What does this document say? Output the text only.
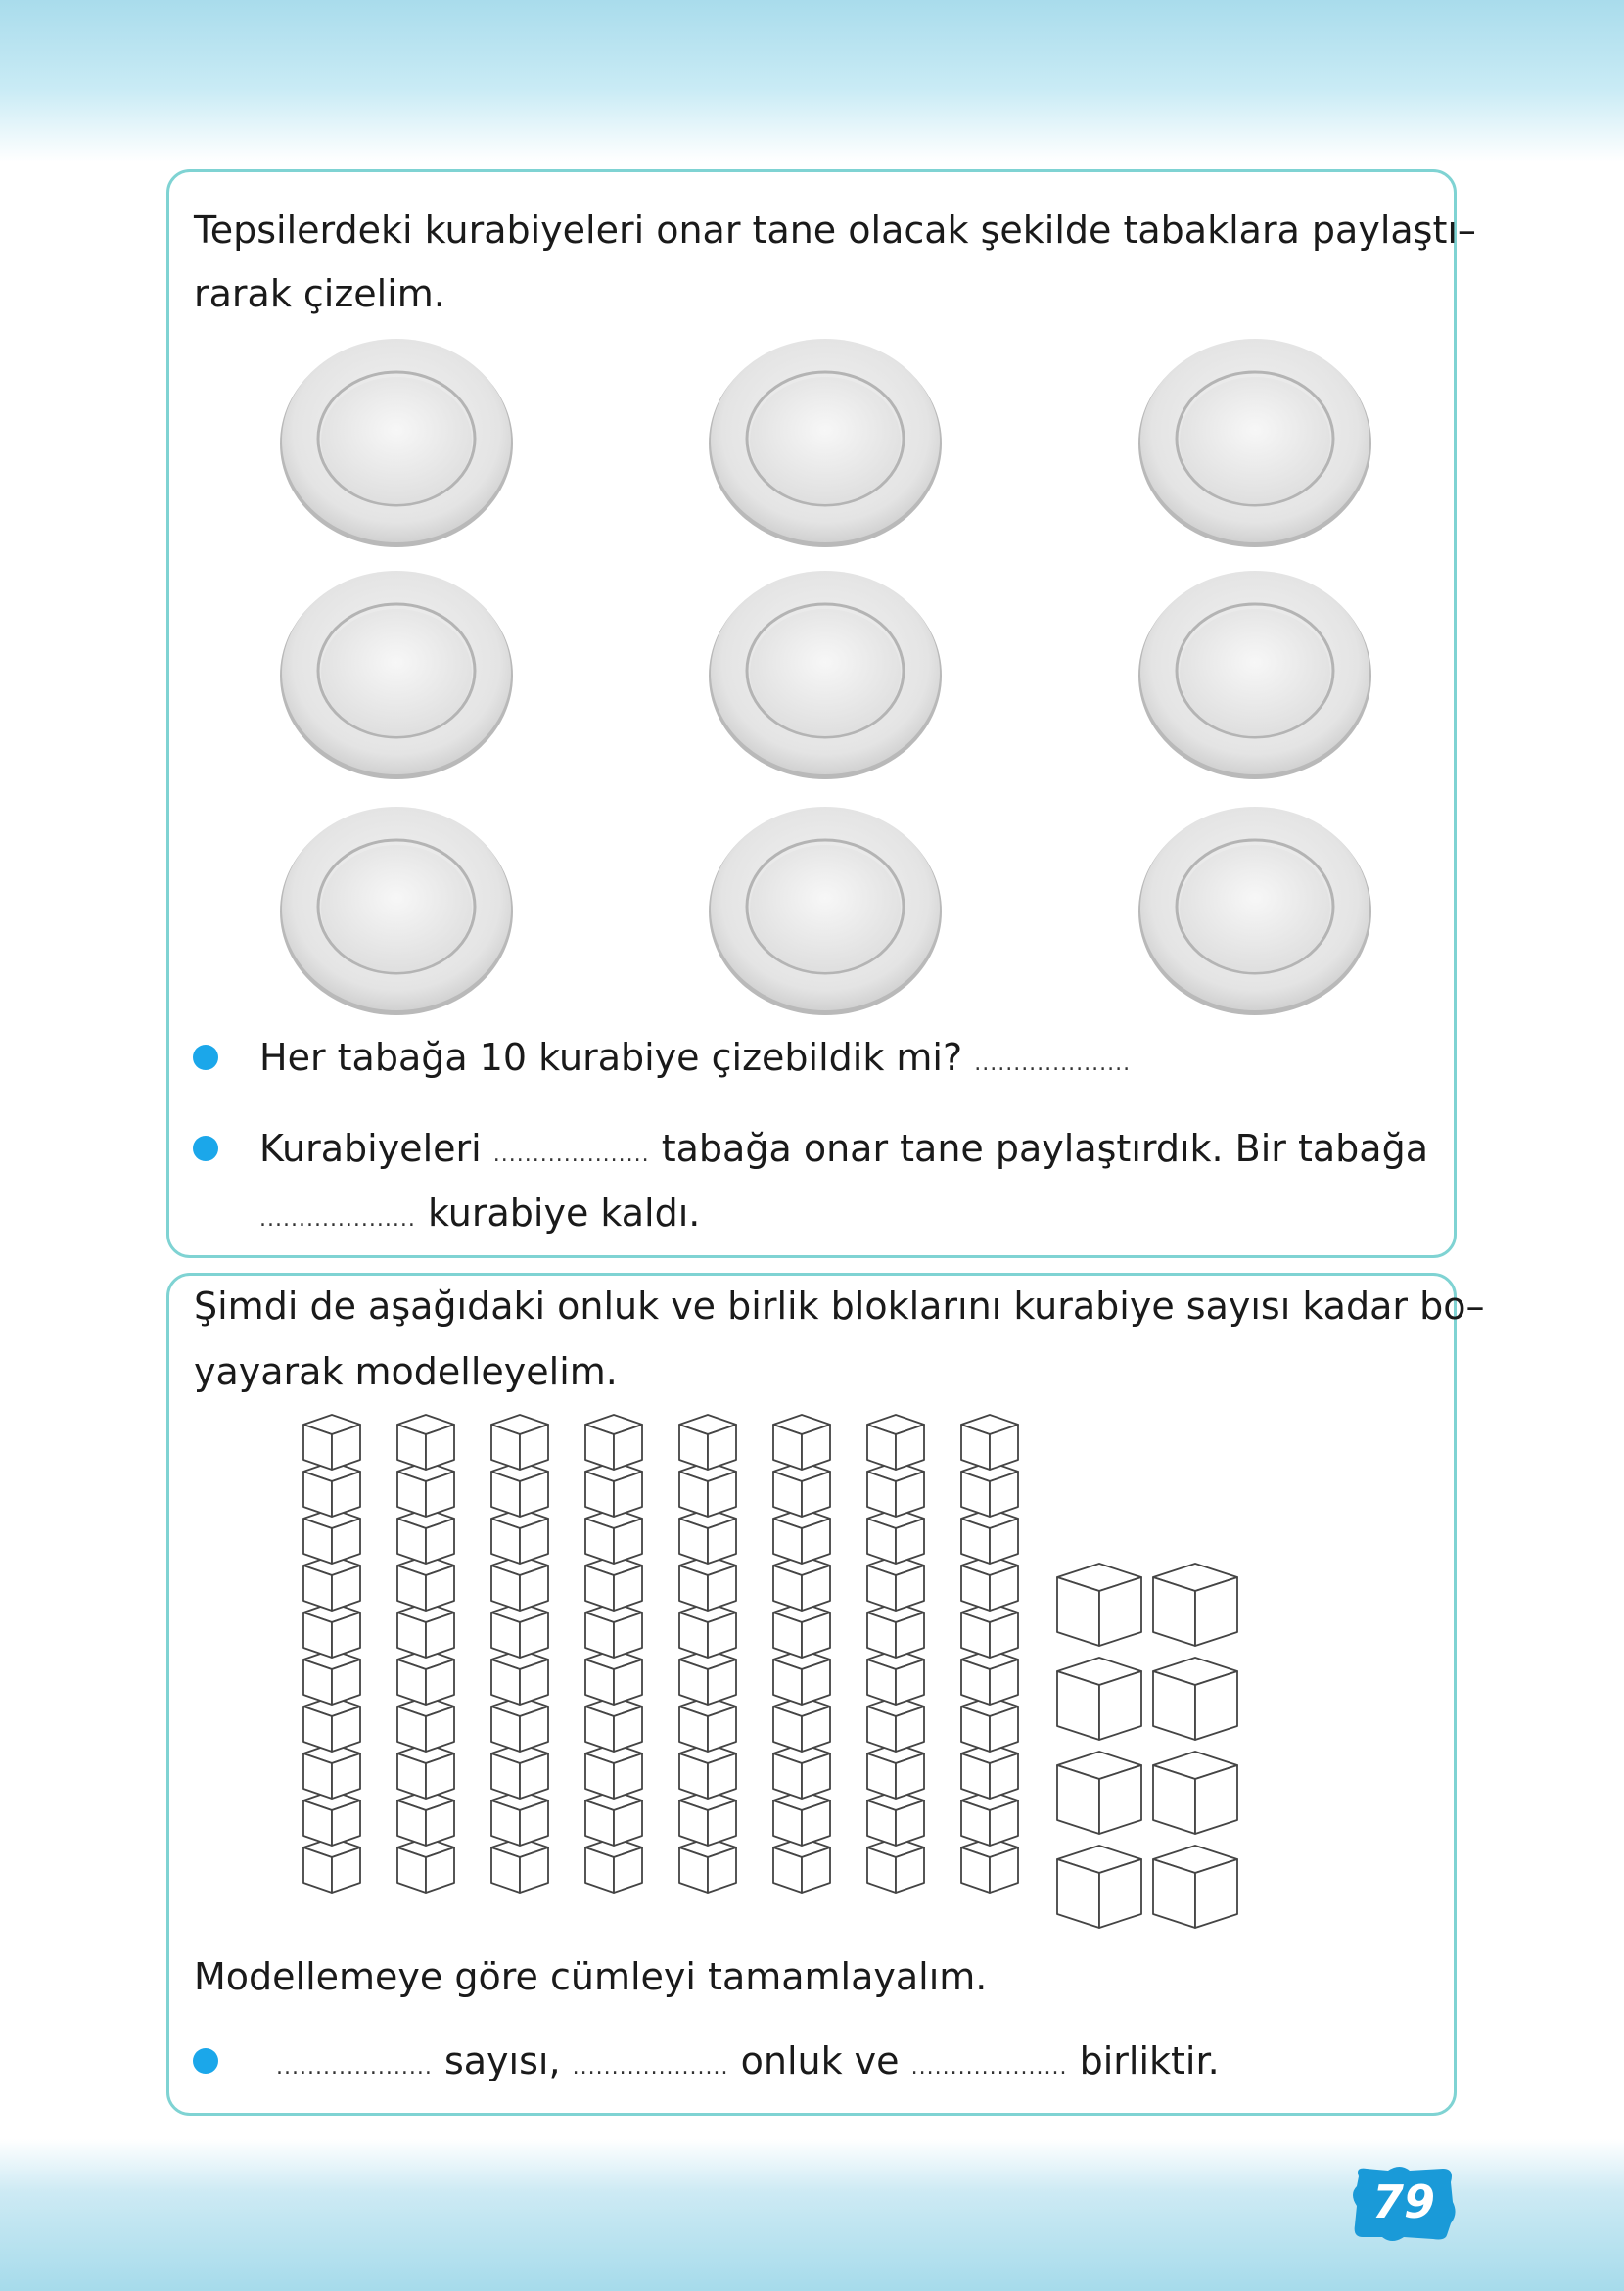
Tepsilerdeki kurabiyeleri onar tane olacak şekilde tabaklara paylaştı–

rarak çizelim.

Her tabağa 10 kurabiye çizebildik mi? ....................

Kurabiyeleri .................... tabağa onar tane paylaştırdık. Bir tabağa

.................... kurabiye kaldı.

Şimdi de aşağıdaki onluk ve birlik bloklarını kurabiye sayısı kadar bo–

yayarak modelleyelim.

Modellemeye göre cümleyi tamamlayalım.

.................... sayısı, .................... onluk ve .................... birliktir.

79
